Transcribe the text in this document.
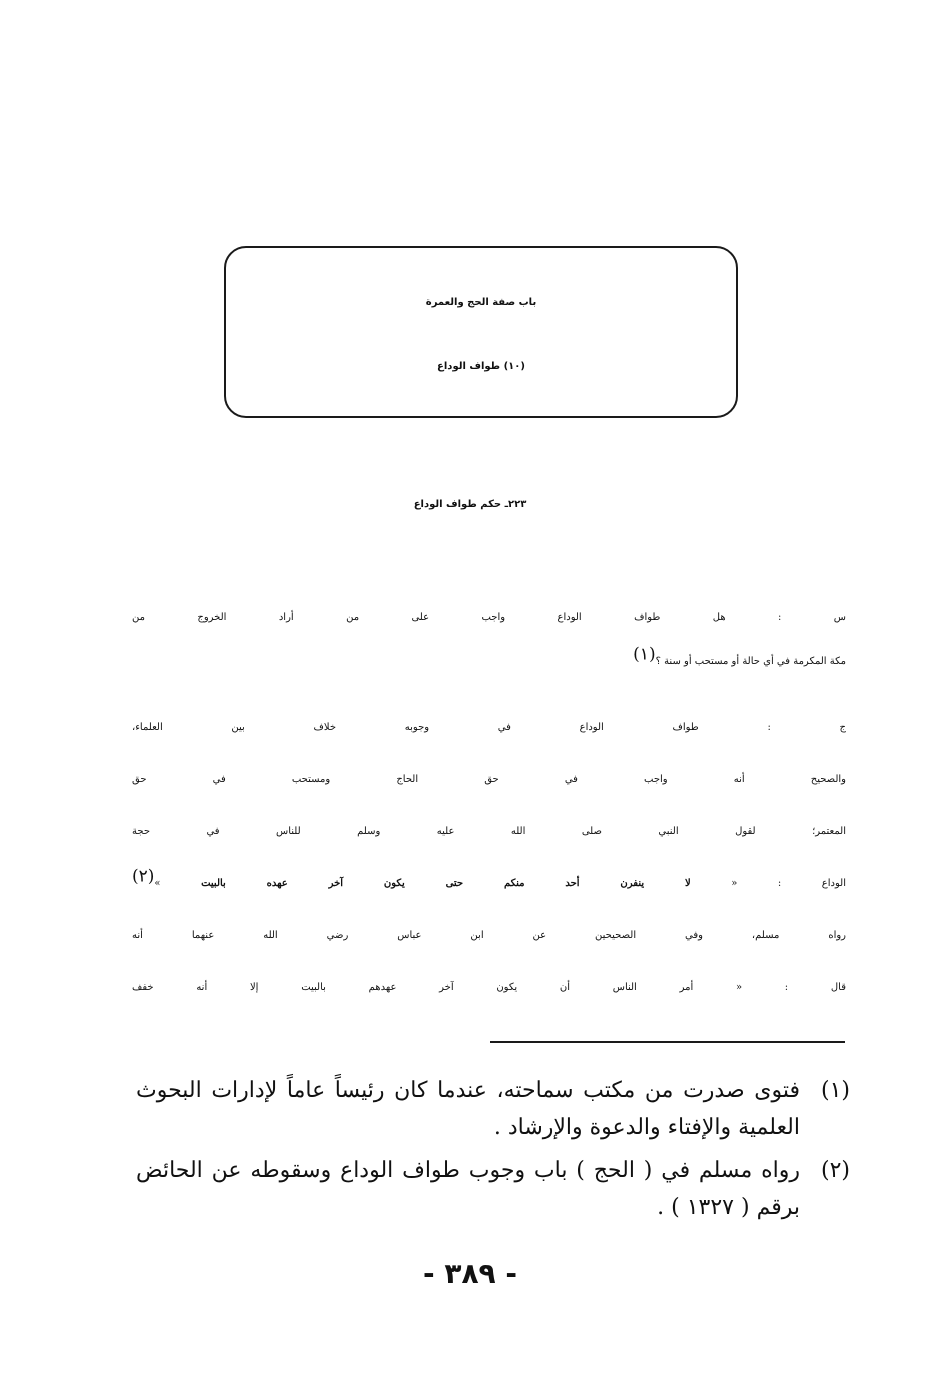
باب صفة الحج والعمرة
(١٠) طواف الوداع
٢٢٣ـ حكم طواف الوداع
س : هل طواف الوداع واجب على من أراد الخروج من
مكة المكرمة في أي حالة أو مستحب أو سنة ؟$^{(١)}$
ج : طواف الوداع في وجوبه خلاف بين العلماء،
والصحيح أنه واجب في حق الحاج ومستحب في حق
المعتمر؛ لقول النبي صلى الله عليه وسلم للناس في حجة
الوداع : « لا ينفرن أحد منكم حتى يكون آخر عهده بالبيت »$^{(٢)}$
رواه مسلم، وفي الصحيحين عن ابن عباس رضي الله عنهما أنه
قال : « أمر الناس أن يكون آخر عهدهم بالبيت إلا أنه خفف
(١)
فتوى صدرت من مكتب سماحته، عندما كان رئيساً عاماً لإدارات البحوث العلمية والإفتاء والدعوة والإرشاد .
(٢)
رواه مسلم في ( الحج ) باب وجوب طواف الوداع وسقوطه عن الحائض برقم ( ١٣٢٧ ) .
- ٣٨٩ -
